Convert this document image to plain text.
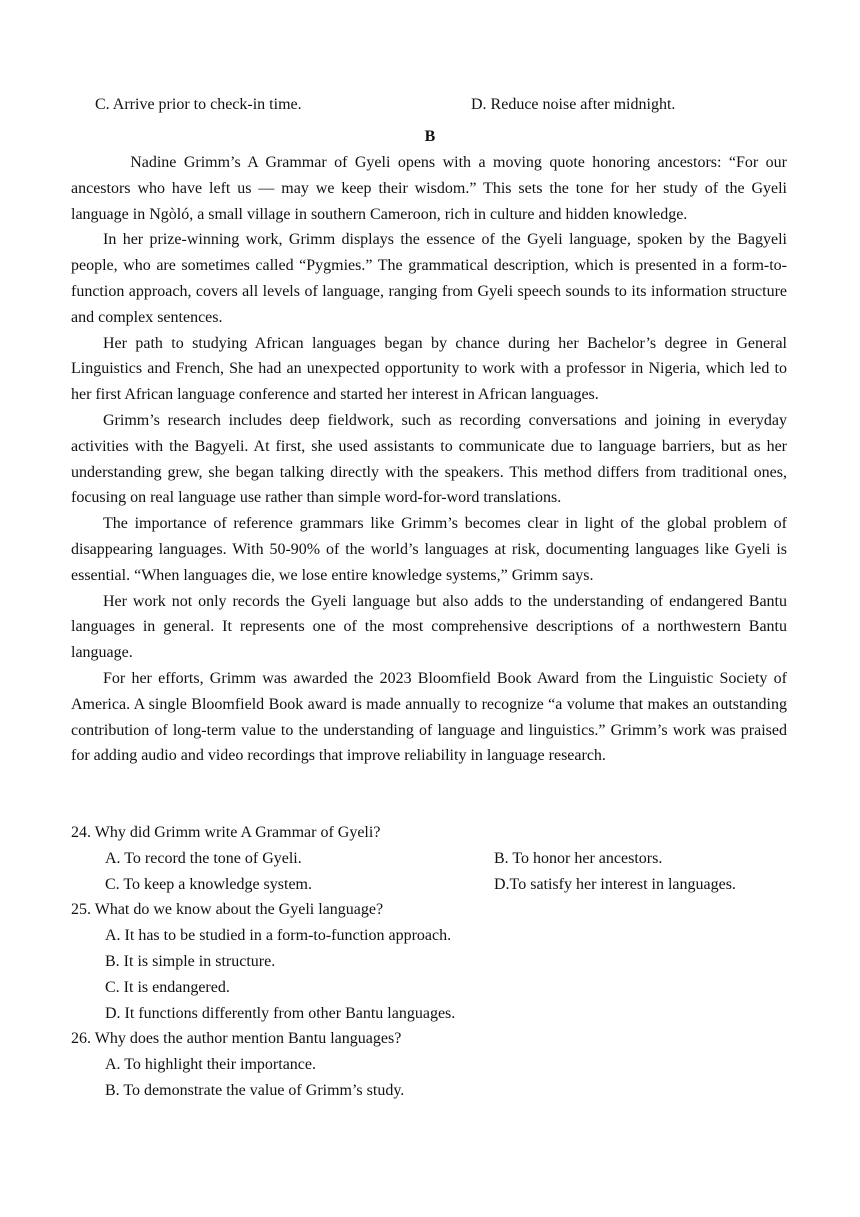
C. Arrive prior to check-in time.	D. Reduce noise after midnight.
B

Nadine Grimm’s A Grammar of Gyeli opens with a moving quote honoring ancestors: “For our ancestors who have left us — may we keep their wisdom.” This sets the tone for her study of the Gyeli language in Ngòló, a small village in southern Cameroon, rich in culture and hidden knowledge.

In her prize-winning work, Grimm displays the essence of the Gyeli language, spoken by the Bagyeli people, who are sometimes called “Pygmies.” The grammatical description, which is presented in a form-to-function approach, covers all levels of language, ranging from Gyeli speech sounds to its information structure and complex sentences.

Her path to studying African languages began by chance during her Bachelor’s degree in General Linguistics and French, She had an unexpected opportunity to work with a professor in Nigeria, which led to her first African language conference and started her interest in African languages.

Grimm’s research includes deep fieldwork, such as recording conversations and joining in everyday activities with the Bagyeli. At first, she used assistants to communicate due to language barriers, but as her understanding grew, she began talking directly with the speakers. This method differs from traditional ones, focusing on real language use rather than simple word-for-word translations.

The importance of reference grammars like Grimm’s becomes clear in light of the global problem of disappearing languages. With 50-90% of the world’s languages at risk, documenting languages like Gyeli is essential. “When languages die, we lose entire knowledge systems,” Grimm says.

Her work not only records the Gyeli language but also adds to the understanding of endangered Bantu languages in general. It represents one of the most comprehensive descriptions of a northwestern Bantu language.

For her efforts, Grimm was awarded the 2023 Bloomfield Book Award from the Linguistic Society of America. A single Bloomfield Book award is made annually to recognize “a volume that makes an outstanding contribution of long-term value to the understanding of language and linguistics.” Grimm’s work was praised for adding audio and video recordings that improve reliability in language research.

24. Why did Grimm write A Grammar of Gyeli?

A. To record the tone of Gyeli.	B. To honor her ancestors.
C. To keep a knowledge system.	D.To satisfy her interest in languages.

25. What do we know about the Gyeli language?

A. It has to be studied in a form-to-function approach.
B. It is simple in structure.
C. It is endangered.
D. It functions differently from other Bantu languages.

26. Why does the author mention Bantu languages?

A. To highlight their importance.
B. To demonstrate the value of Grimm’s study.
